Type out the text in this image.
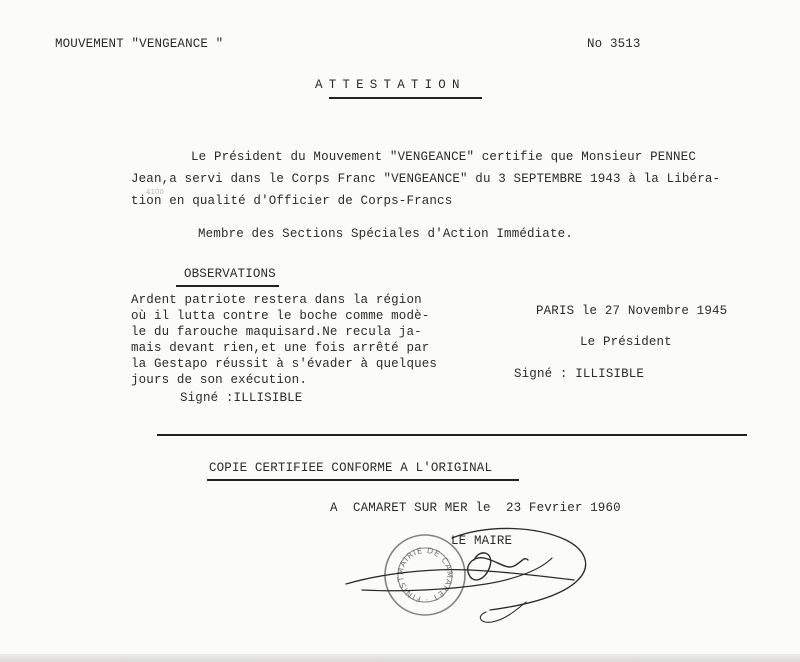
MOUVEMENT "VENGEANCE "	No 3513
ATTESTATION
Le Président du Mouvement "VENGEANCE" certifie que Monsieur PENNEC
Jean,a servi dans le Corps Franc "VENGEANCE" du 3 SEPTEMBRE 1943 à la Libéra-
4100
tion en qualité d'Officier de Corps-Francs
Membre des Sections Spéciales d'Action Immédiate.
OBSERVATIONS
Ardent patriote restera dans la région
où il lutta contre le boche comme modè-
le du farouche maquisard.Ne recula ja-
mais devant rien,et une fois arrêté par
la Gestapo réussit à s'évader à quelques
jours de son exécution.
Signé :ILLISIBLE
PARIS le 27 Novembre 1945
Le Président
Signé : ILLISIBLE
COPIE CERTIFIEE CONFORME A L'ORIGINAL
A  CAMARET SUR MER le  23 Fevrier 1960
LE MAIRE
MAIRIE DE CAMARET · FINISTÈRE ·
